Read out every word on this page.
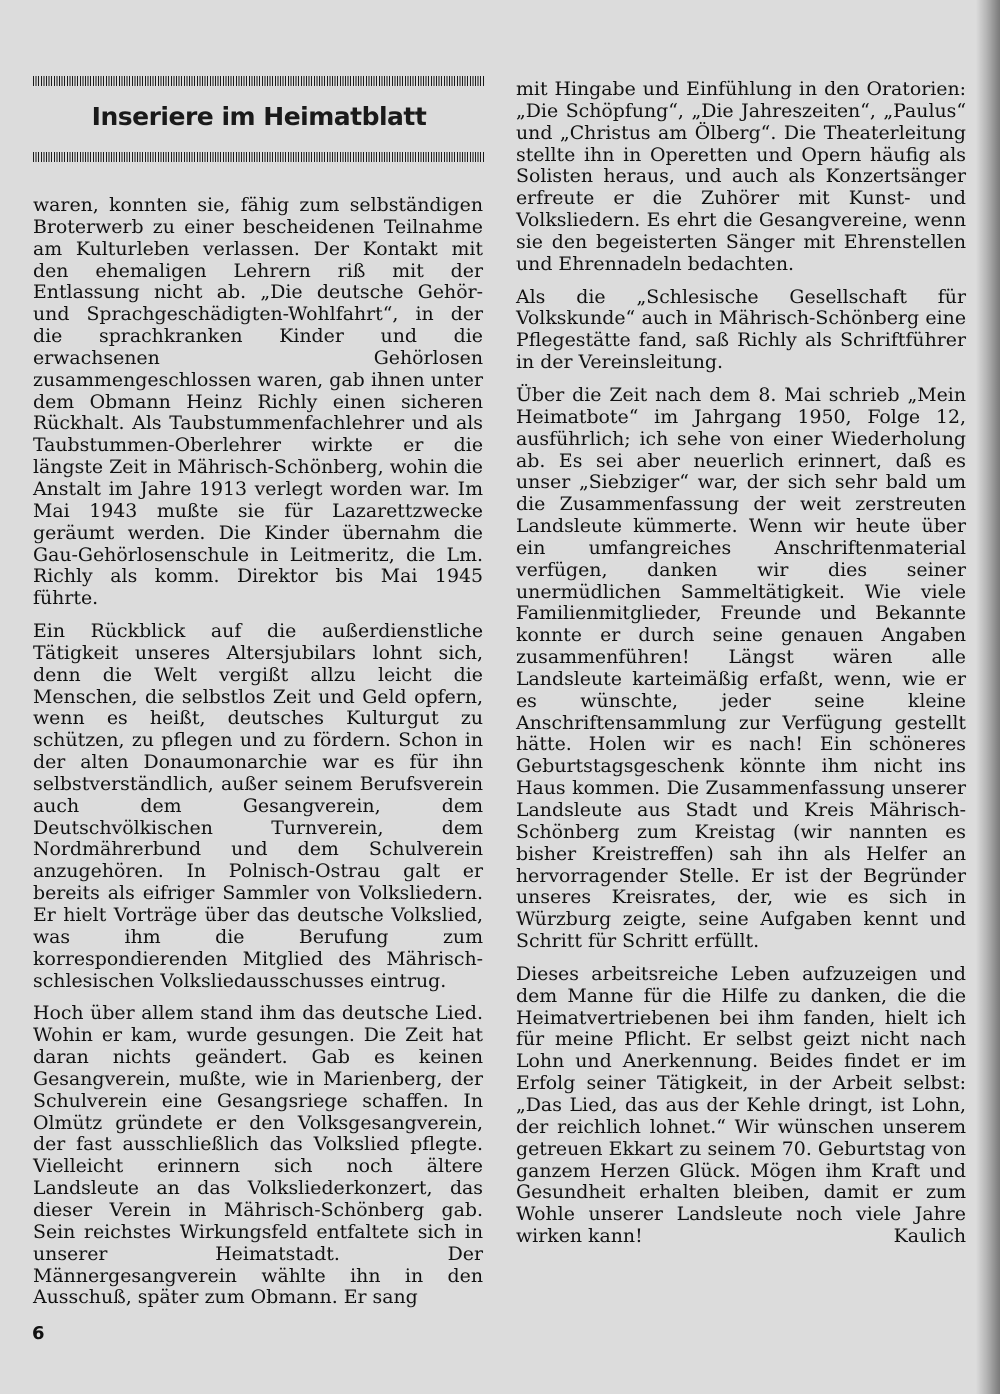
Inseriere im Heimatblatt

waren, konnten sie, fähig zum selbständigen Broterwerb zu einer bescheidenen Teilnahme am Kulturleben verlassen. Der Kontakt mit den ehemaligen Lehrern riß mit der Entlassung nicht ab. „Die deutsche Gehör- und Sprachgeschädigten-Wohlfahrt“, in der die sprachkranken Kinder und die erwachsenen Gehörlosen zusammengeschlossen waren, gab ihnen unter dem Obmann Heinz Richly einen sicheren Rückhalt. Als Taubstummenfachlehrer und als Taubstummen-Oberlehrer wirkte er die längste Zeit in Mährisch-Schönberg, wohin die Anstalt im Jahre 1913 verlegt worden war. Im Mai 1943 mußte sie für Lazarettzwecke geräumt werden. Die Kinder übernahm die Gau-Gehörlosenschule in Leitmeritz, die Lm. Richly als komm. Direktor bis Mai 1945 führte.

Ein Rückblick auf die außerdienstliche Tätigkeit unseres Altersjubilars lohnt sich, denn die Welt vergißt allzu leicht die Menschen, die selbstlos Zeit und Geld opfern, wenn es heißt, deutsches Kulturgut zu schützen, zu pflegen und zu fördern. Schon in der alten Donaumonarchie war es für ihn selbstverständlich, außer seinem Berufsverein auch dem Gesangverein, dem Deutschvölkischen Turnverein, dem Nordmährerbund und dem Schulverein anzugehören. In Polnisch-Ostrau galt er bereits als eifriger Sammler von Volksliedern. Er hielt Vorträge über das deutsche Volkslied, was ihm die Berufung zum korrespondierenden Mitglied des Mährisch-schlesischen Volksliedausschusses eintrug.

Hoch über allem stand ihm das deutsche Lied. Wohin er kam, wurde gesungen. Die Zeit hat daran nichts geändert. Gab es keinen Gesangverein, mußte, wie in Marienberg, der Schulverein eine Gesangsriege schaffen. In Olmütz gründete er den Volksgesangverein, der fast ausschließlich das Volkslied pflegte. Vielleicht erinnern sich noch ältere Landsleute an das Volksliederkonzert, das dieser Verein in Mährisch-Schönberg gab. Sein reichstes Wirkungsfeld entfaltete sich in unserer Heimatstadt. Der Männergesangverein wählte ihn in den Ausschuß, später zum Obmann. Er sang

mit Hingabe und Einfühlung in den Oratorien: „Die Schöpfung“, „Die Jahreszeiten“, „Paulus“ und „Christus am Ölberg“. Die Theaterleitung stellte ihn in Operetten und Opern häufig als Solisten heraus, und auch als Konzertsänger erfreute er die Zuhörer mit Kunst- und Volksliedern. Es ehrt die Gesangvereine, wenn sie den begeisterten Sänger mit Ehrenstellen und Ehrennadeln bedachten.

Als die „Schlesische Gesellschaft für Volkskunde“ auch in Mährisch-Schönberg eine Pflegestätte fand, saß Richly als Schriftführer in der Vereinsleitung.

Über die Zeit nach dem 8. Mai schrieb „Mein Heimatbote“ im Jahrgang 1950, Folge 12, ausführlich; ich sehe von einer Wiederholung ab. Es sei aber neuerlich erinnert, daß es unser „Siebziger“ war, der sich sehr bald um die Zusammenfassung der weit zerstreuten Landsleute kümmerte. Wenn wir heute über ein umfangreiches Anschriftenmaterial verfügen, danken wir dies seiner unermüdlichen Sammeltätigkeit. Wie viele Familienmitglieder, Freunde und Bekannte konnte er durch seine genauen Angaben zusammenführen! Längst wären alle Landsleute karteimäßig erfaßt, wenn, wie er es wünschte, jeder seine kleine Anschriftensammlung zur Verfügung gestellt hätte. Holen wir es nach! Ein schöneres Geburtstagsgeschenk könnte ihm nicht ins Haus kommen. Die Zusammenfassung unserer Landsleute aus Stadt und Kreis Mährisch-Schönberg zum Kreistag (wir nannten es bisher Kreistreffen) sah ihn als Helfer an hervorragender Stelle. Er ist der Begründer unseres Kreisrates, der, wie es sich in Würzburg zeigte, seine Aufgaben kennt und Schritt für Schritt erfüllt.

Dieses arbeitsreiche Leben aufzuzeigen und dem Manne für die Hilfe zu danken, die die Heimatvertriebenen bei ihm fanden, hielt ich für meine Pflicht. Er selbst geizt nicht nach Lohn und Anerkennung. Beides findet er im Erfolg seiner Tätigkeit, in der Arbeit selbst: „Das Lied, das aus der Kehle dringt, ist Lohn, der reichlich lohnet.“ Wir wünschen unserem getreuen Ekkart zu seinem 70. Geburtstag von ganzem Herzen Glück. Mögen ihm Kraft und Gesundheit erhalten bleiben, damit er zum Wohle unserer Landsleute noch viele Jahre wirken kann!	Kaulich

6
